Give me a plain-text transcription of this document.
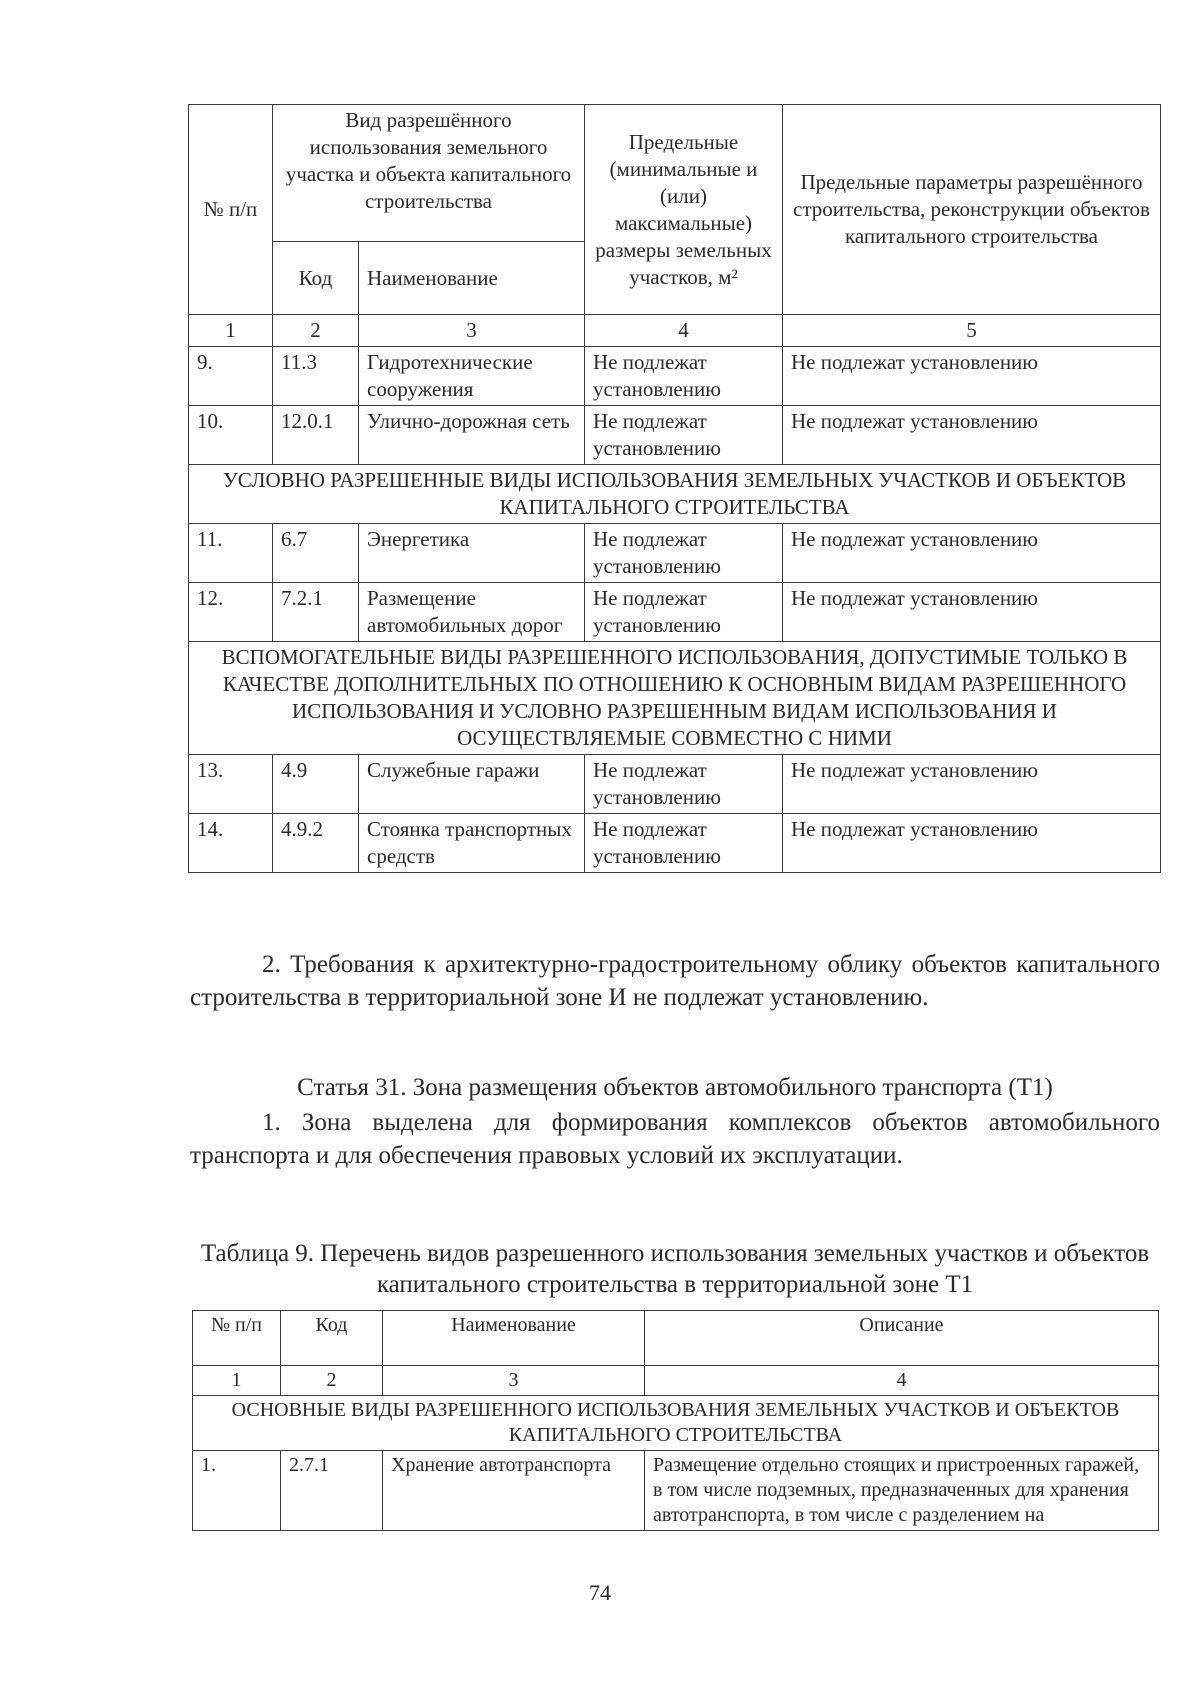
№ п/п	Вид разрешённого использования земельного участка и объекта капитального строительства		Предельные (минимальные и (или) максимальные) размеры земельных участков, м²	Предельные параметры разрешённого строительства, реконструкции объектов капитального строительства
	Код	Наименование		
1	2	3	4	5
9.	11.3	Гидротехнические сооружения	Не подлежат установлению	Не подлежат установлению
10.	12.0.1	Улично-дорожная сеть	Не подлежат установлению	Не подлежат установлению
УСЛОВНО РАЗРЕШЕННЫЕ ВИДЫ ИСПОЛЬЗОВАНИЯ ЗЕМЕЛЬНЫХ УЧАСТКОВ И ОБЪЕКТОВ КАПИТАЛЬНОГО СТРОИТЕЛЬСТВА				
11.	6.7	Энергетика	Не подлежат установлению	Не подлежат установлению
12.	7.2.1	Размещение автомобильных дорог	Не подлежат установлению	Не подлежат установлению
ВСПОМОГАТЕЛЬНЫЕ ВИДЫ РАЗРЕШЕННОГО ИСПОЛЬЗОВАНИЯ, ДОПУСТИМЫЕ ТОЛЬКО В КАЧЕСТВЕ ДОПОЛНИТЕЛЬНЫХ ПО ОТНОШЕНИЮ К ОСНОВНЫМ ВИДАМ РАЗРЕШЕННОГО ИСПОЛЬЗОВАНИЯ И УСЛОВНО РАЗРЕШЕННЫМ ВИДАМ ИСПОЛЬЗОВАНИЯ И ОСУЩЕСТВЛЯЕМЫЕ СОВМЕСТНО С НИМИ				
13.	4.9	Служебные гаражи	Не подлежат установлению	Не подлежат установлению
14.	4.9.2	Стоянка транспортных средств	Не подлежат установлению	Не подлежат установлению
2. Требования к архитектурно-градостроительному облику объектов капитального строительства в территориальной зоне И не подлежат установлению.
Статья 31. Зона размещения объектов автомобильного транспорта (Т1)
1. Зона выделена для формирования комплексов объектов автомобильного транспорта и для обеспечения правовых условий их эксплуатации.
Таблица 9. Перечень видов разрешенного использования земельных участков и объектов капитального строительства в территориальной зоне Т1
№ п/п	Код	Наименование	Описание
1	2	3	4
ОСНОВНЫЕ ВИДЫ РАЗРЕШЕННОГО ИСПОЛЬЗОВАНИЯ ЗЕМЕЛЬНЫХ УЧАСТКОВ И ОБЪЕКТОВ КАПИТАЛЬНОГО СТРОИТЕЛЬСТВА			
1.	2.7.1	Хранение автотранспорта	Размещение отдельно стоящих и пристроенных гаражей, в том числе подземных, предназначенных для хранения автотранспорта, в том числе с разделением на
74
